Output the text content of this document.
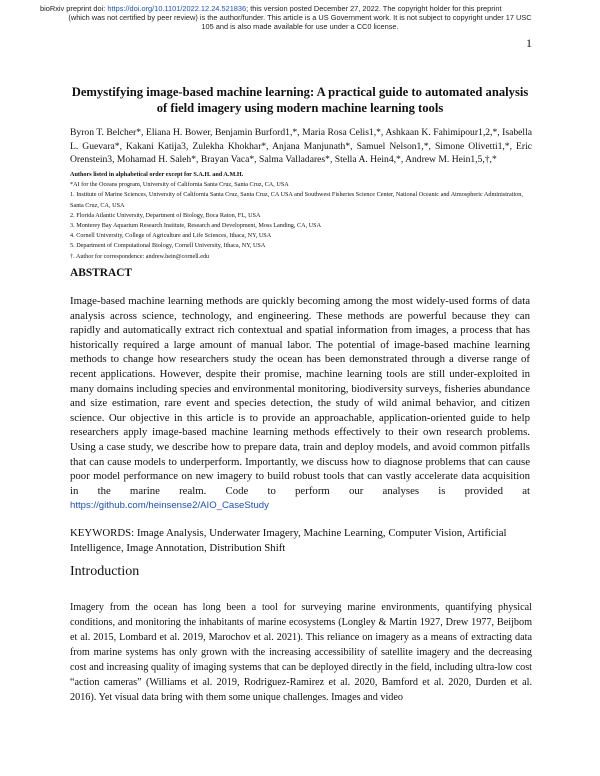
bioRxiv preprint doi: https://doi.org/10.1101/2022.12.24.521836; this version posted December 27, 2022. The copyright holder for this preprint
(which was not certified by peer review) is the author/funder. This article is a US Government work. It is not subject to copyright under 17 USC
105 and is also made available for use under a CC0 license.
1
Demystifying image-based machine learning: A practical guide to automated analysis of field imagery using modern machine learning tools
Byron T. Belcher*, Eliana H. Bower, Benjamin Burford1,*, Maria Rosa Celis1,*, Ashkaan K. Fahimipour1,2,*, Isabella L. Guevara*, Kakani Katija3, Zulekha Khokhar*, Anjana Manjunath*, Samuel Nelson1,*, Simone Olivetti1,*, Eric Orenstein3, Mohamad H. Saleh*, Brayan Vaca*, Salma Valladares*, Stella A. Hein4,*, Andrew M. Hein1,5,†,*
Authors listed in alphabetical order except for S.A.H. and A.M.H.
*AI for the Oceans program, University of California Santa Cruz, Santa Cruz, CA, USA
1. Institute of Marine Sciences, University of California Santa Cruz, Santa Cruz, CA USA and Southwest Fisheries Science Center, National Oceanic and Atmospheric Administration, Santa Cruz, CA, USA
2. Florida Atlantic University, Department of Biology, Boca Raton, FL, USA
3. Monterey Bay Aquarium Research Institute, Research and Development, Moss Landing, CA, USA
4. Cornell University, College of Agriculture and Life Sciences, Ithaca, NY, USA
5. Department of Computational Biology, Cornell University, Ithaca, NY, USA
†. Author for correspondence: andrew.hein@cornell.edu
ABSTRACT

Image-based machine learning methods are quickly becoming among the most widely-used forms of data analysis across science, technology, and engineering. These methods are powerful because they can rapidly and automatically extract rich contextual and spatial information from images, a process that has historically required a large amount of manual labor. The potential of image-based machine learning methods to change how researchers study the ocean has been demonstrated through a diverse range of recent applications. However, despite their promise, machine learning tools are still under-exploited in many domains including species and environmental monitoring, biodiversity surveys, fisheries abundance and size estimation, rare event and species detection, the study of wild animal behavior, and citizen science. Our objective in this article is to provide an approachable, application-oriented guide to help researchers apply image-based machine learning methods effectively to their own research problems. Using a case study, we describe how to prepare data, train and deploy models, and avoid common pitfalls that can cause models to underperform. Importantly, we discuss how to diagnose problems that can cause poor model performance on new imagery to build robust tools that can vastly accelerate data acquisition in the marine realm. Code to perform our analyses is provided at https://github.com/heinsense2/AIO_CaseStudy

KEYWORDS: Image Analysis, Underwater Imagery, Machine Learning, Computer Vision, Artificial Intelligence, Image Annotation, Distribution Shift

Introduction

Imagery from the ocean has long been a tool for surveying marine environments, quantifying physical conditions, and monitoring the inhabitants of marine ecosystems (Longley & Martin 1927, Drew 1977, Beijbom et al. 2015, Lombard et al. 2019, Marochov et al. 2021). This reliance on imagery as a means of extracting data from marine systems has only grown with the increasing accessibility of satellite imagery and the decreasing cost and increasing quality of imaging systems that can be deployed directly in the field, including ultra-low cost “action cameras” (Williams et al. 2019, Rodriguez-Ramirez et al. 2020, Bamford et al. 2020, Durden et al. 2016). Yet visual data bring with them some unique challenges. Images and video
